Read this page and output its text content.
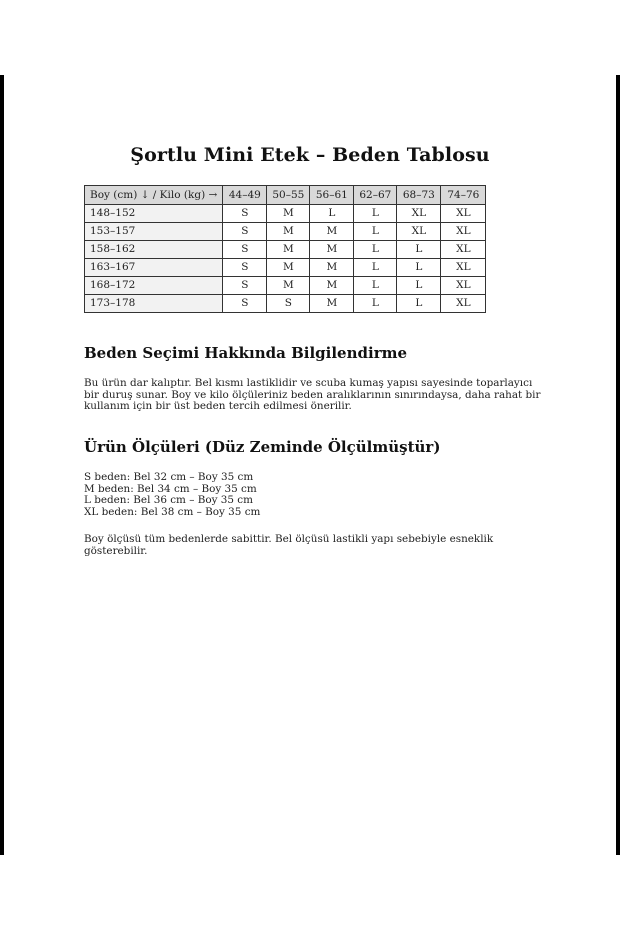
Şortlu Mini Etek – Beden Tablosu
Boy (cm) ↓ / Kilo (kg) →	44–49	50–55	56–61	62–67	68–73	74–76
148–152	S	M	L	L	XL	XL
153–157	S	M	M	L	XL	XL
158–162	S	M	M	L	L	XL
163–167	S	M	M	L	L	XL
168–172	S	M	M	L	L	XL
173–178	S	S	M	L	L	XL
Beden Seçimi Hakkında Bilgilendirme

Bu ürün dar kalıptır. Bel kısmı lastiklidir ve scuba kumaş yapısı sayesinde toparlayıcı bir duruş sunar. Boy ve kilo ölçüleriniz beden aralıklarının sınırındaysa, daha rahat bir kullanım için bir üst beden tercih edilmesi önerilir.

Ürün Ölçüleri (Düz Zeminde Ölçülmüştür)
S beden: Bel 32 cm – Boy 35 cm
M beden: Bel 34 cm – Boy 35 cm
L beden: Bel 36 cm – Boy 35 cm
XL beden: Bel 38 cm – Boy 35 cm

Boy ölçüsü tüm bedenlerde sabittir. Bel ölçüsü lastikli yapı sebebiyle esneklik gösterebilir.
